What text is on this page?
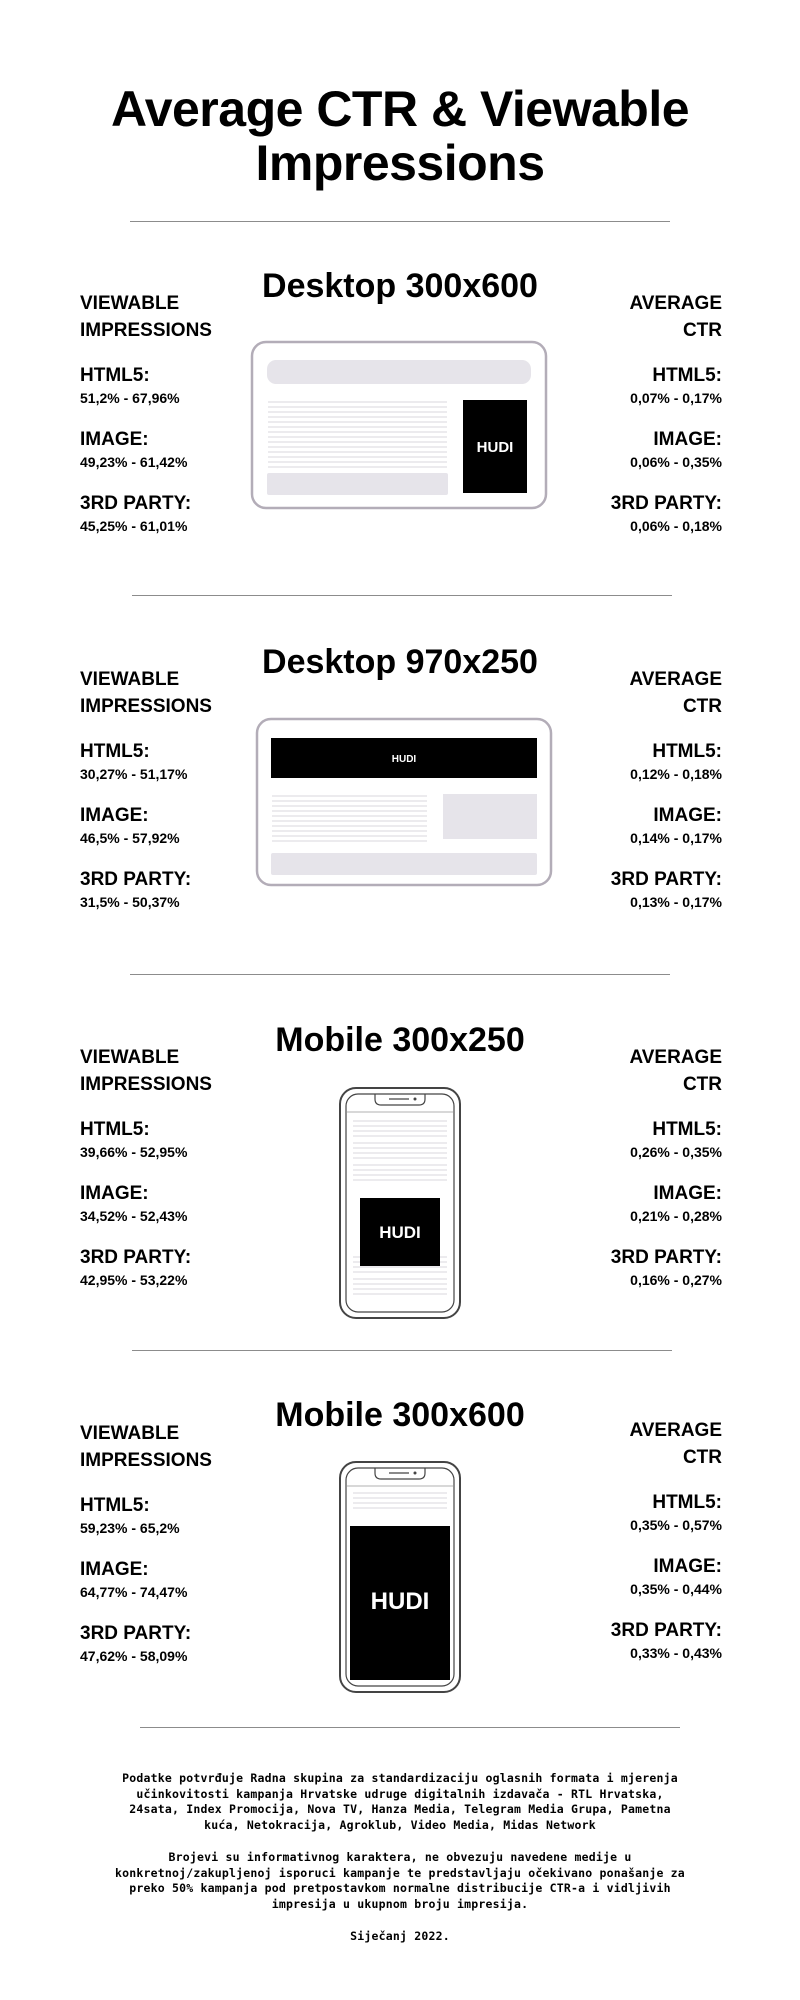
Average CTR & Viewable Impressions
Desktop 300x600
VIEWABLE
IMPRESSIONS
HTML5:
51,2% - 67,96%
IMAGE:
49,23% - 61,42%
3RD PARTY:
45,25% - 61,01%
AVERAGE
CTR
HTML5:
0,07% - 0,17%
IMAGE:
0,06% - 0,35%
3RD PARTY:
0,06% - 0,18%
HUDI
Desktop 970x250
VIEWABLE
IMPRESSIONS
HTML5:
30,27% - 51,17%
IMAGE:
46,5% - 57,92%
3RD PARTY:
31,5% - 50,37%
AVERAGE
CTR
HTML5:
0,12% - 0,18%
IMAGE:
0,14% - 0,17%
3RD PARTY:
0,13% - 0,17%
HUDI
Mobile 300x250
VIEWABLE
IMPRESSIONS
HTML5:
39,66% - 52,95%
IMAGE:
34,52% - 52,43%
3RD PARTY:
42,95% - 53,22%
AVERAGE
CTR
HTML5:
0,26% - 0,35%
IMAGE:
0,21% - 0,28%
3RD PARTY:
0,16% - 0,27%
HUDI
Mobile 300x600
VIEWABLE
IMPRESSIONS
HTML5:
59,23% - 65,2%
IMAGE:
64,77% - 74,47%
3RD PARTY:
47,62% - 58,09%
AVERAGE
CTR
HTML5:
0,35% - 0,57%
IMAGE:
0,35% - 0,44%
3RD PARTY:
0,33% - 0,43%
HUDI

Podatke potvrđuje Radna skupina za standardizaciju oglasnih formata i mjerenja učinkovitosti kampanja Hrvatske udruge digitalnih izdavača - RTL Hrvatska, 24sata, Index Promocija, Nova TV, Hanza Media, Telegram Media Grupa, Pametna kuća, Netokracija, Agroklub, Video Media, Midas Network

Brojevi su informativnog karaktera, ne obvezuju navedene medije u konkretnoj/zakupljenoj isporuci kampanje te predstavljaju očekivano ponašanje za preko 50% kampanja pod pretpostavkom normalne distribucije CTR-a i vidljivih impresija u ukupnom broju impresija.

Siječanj 2022.
